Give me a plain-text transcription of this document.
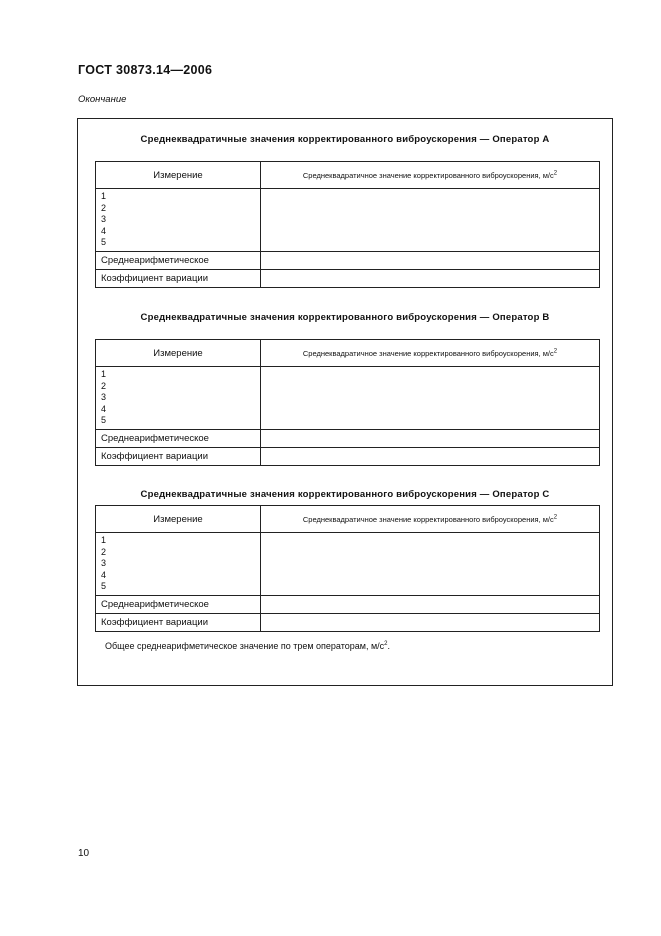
ГОСТ 30873.14—2006
Окончание
Среднеквадратичные значения корректированного виброускорения — Оператор А
Измерение	Среднеквадратичное значение корректированного виброускорения, $м/с^2$

1
2
3
4
5	

Среднеарифметическое	
Коэффициент вариации	
Среднеквадратичные значения корректированного виброускорения — Оператор В
Измерение	Среднеквадратичное значение корректированного виброускорения, $м/с^2$

1
2
3
4
5	

Среднеарифметическое	
Коэффициент вариации	
Среднеквадратичные значения корректированного виброускорения — Оператор С
Измерение	Среднеквадратичное значение корректированного виброускорения, $м/с^2$

1
2
3
4
5	

Среднеарифметическое	
Коэффициент вариации	
Общее среднеарифметическое значение по трем операторам, $м/с^2$.
10
